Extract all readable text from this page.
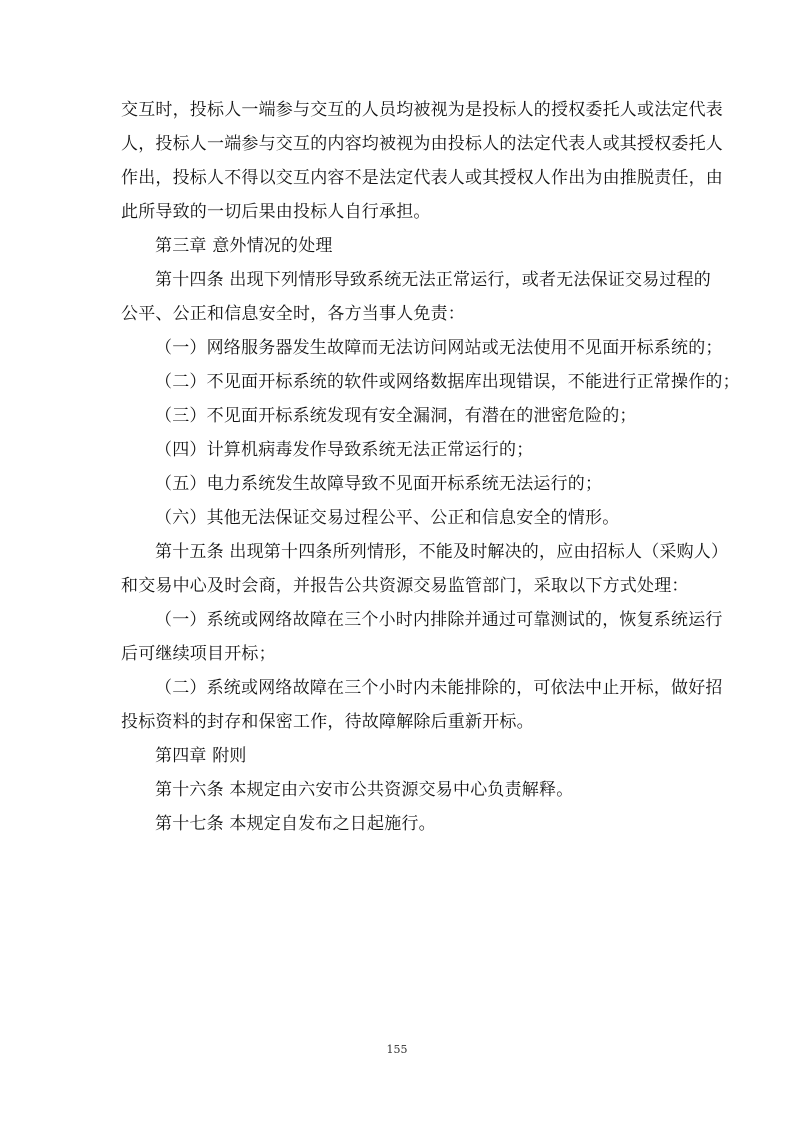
交互时，投标人一端参与交互的人员均被视为是投标人的授权委托人或法定代表
人，投标人一端参与交互的内容均被视为由投标人的法定代表人或其授权委托人
作出，投标人不得以交互内容不是法定代表人或其授权人作出为由推脱责任，由
此所导致的一切后果由投标人自行承担。
第三章 意外情况的处理
第十四条 出现下列情形导致系统无法正常运行，或者无法保证交易过程的
公平、公正和信息安全时，各方当事人免责：
（一）网络服务器发生故障而无法访问网站或无法使用不见面开标系统的；
（二）不见面开标系统的软件或网络数据库出现错误，不能进行正常操作的；
（三）不见面开标系统发现有安全漏洞，有潜在的泄密危险的；
（四）计算机病毒发作导致系统无法正常运行的；
（五）电力系统发生故障导致不见面开标系统无法运行的；
（六）其他无法保证交易过程公平、公正和信息安全的情形。
第十五条 出现第十四条所列情形，不能及时解决的，应由招标人（采购人）
和交易中心及时会商，并报告公共资源交易监管部门，采取以下方式处理：
（一）系统或网络故障在三个小时内排除并通过可靠测试的，恢复系统运行
后可继续项目开标；
（二）系统或网络故障在三个小时内未能排除的，可依法中止开标，做好招
投标资料的封存和保密工作，待故障解除后重新开标。
第四章 附则
第十六条 本规定由六安市公共资源交易中心负责解释。
第十七条 本规定自发布之日起施行。
155
